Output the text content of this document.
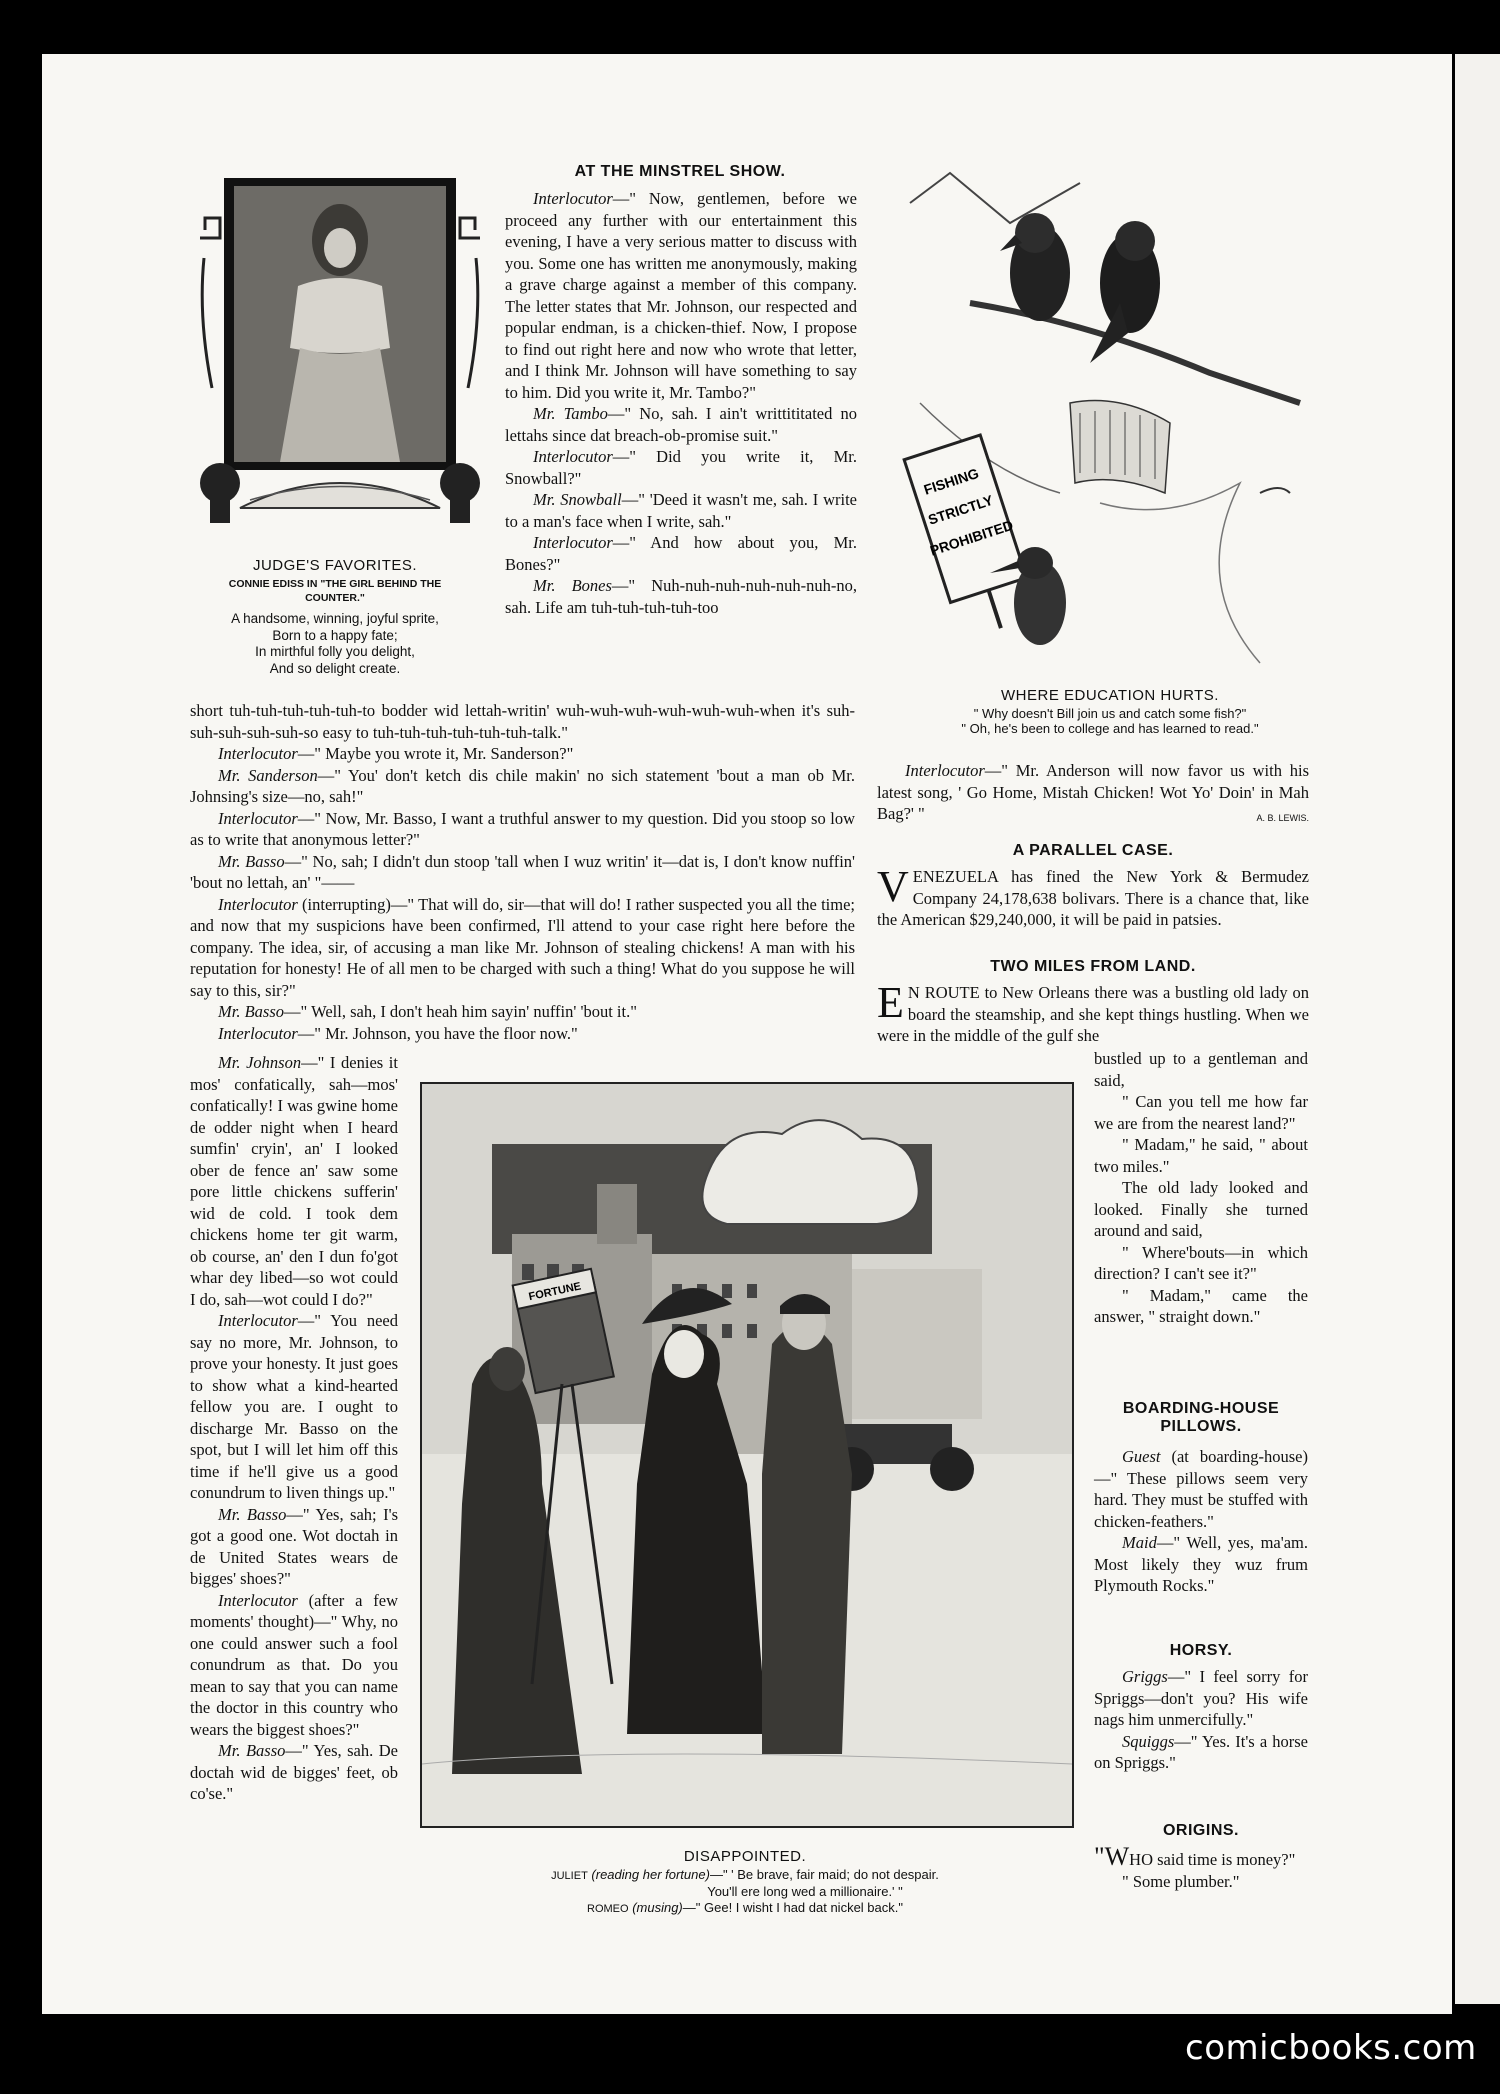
JUDGE'S FAVORITES.
CONNIE EDISS IN "THE GIRL BEHIND THE COUNTER."
A handsome, winning, joyful sprite,
Born to a happy fate;
In mirthful folly you delight,
And so delight create.
AT THE MINSTREL SHOW.

Interlocutor—" Now, gentlemen, before we proceed any further with our entertainment this evening, I have a very serious matter to discuss with you. Some one has written me anonymously, making a grave charge against a member of this company. The letter states that Mr. Johnson, our respected and popular endman, is a chicken-thief. Now, I propose to find out right here and now who wrote that letter, and I think Mr. Johnson will have something to say to him. Did you write it, Mr. Tambo?"

Mr. Tambo—" No, sah. I ain't writtititated no lettahs since dat breach-ob-promise suit."

Interlocutor—" Did you write it, Mr. Snowball?"

Mr. Snowball—" 'Deed it wasn't me, sah. I write to a man's face when I write, sah."

Interlocutor—" And how about you, Mr. Bones?"

Mr. Bones—" Nuh-nuh-nuh-nuh-nuh-nuh-no, sah. Life am tuh-tuh-tuh-tuh-too

short tuh-tuh-tuh-tuh-tuh-to bodder wid lettah-writin' wuh-wuh-wuh-wuh-wuh-wuh-when it's suh-suh-suh-suh-suh-so easy to tuh-tuh-tuh-tuh-tuh-tuh-talk."

Interlocutor—" Maybe you wrote it, Mr. Sanderson?"

Mr. Sanderson—" You' don't ketch dis chile makin' no sich statement 'bout a man ob Mr. Johnsing's size—no, sah!"

Interlocutor—" Now, Mr. Basso, I want a truthful answer to my question. Did you stoop so low as to write that anonymous letter?"

Mr. Basso—" No, sah; I didn't dun stoop 'tall when I wuz writin' it—dat is, I don't know nuffin' 'bout no lettah, an' "——

Interlocutor (interrupting)—" That will do, sir—that will do! I rather suspected you all the time; and now that my suspicions have been confirmed, I'll attend to your case right here before the company. The idea, sir, of accusing a man like Mr. Johnson of stealing chickens! A man with his reputation for honesty! He of all men to be charged with such a thing! What do you suppose he will say to this, sir?"

Mr. Basso—" Well, sah, I don't heah him sayin' nuffin' 'bout it."

Interlocutor—" Mr. Johnson, you have the floor now."

Mr. Johnson—" I denies it mos' confatically, sah—mos' confatically! I was gwine home de odder night when I heard sumfin' cryin', an' I looked ober de fence an' saw some pore little chickens sufferin' wid de cold. I took dem chickens home ter git warm, ob course, an' den I dun fo'got whar dey libed—so wot could I do, sah—wot could I do?"

Interlocutor—" You need say no more, Mr. Johnson, to prove your honesty. It just goes to show what a kind-hearted fellow you are. I ought to discharge Mr. Basso on the spot, but I will let him off this time if he'll give us a good conundrum to liven things up."

Mr. Basso—" Yes, sah; I's got a good one. Wot doctah in de United States wears de bigges' shoes?"

Interlocutor (after a few moments' thought)—" Why, no one could answer such a fool conundrum as that. Do you mean to say that you can name the doctor in this country who wears the biggest shoes?"

Mr. Basso—" Yes, sah. De doctah wid de bigges' feet, ob co'se."

FISHING STRICTLY PROHIBITED
WHERE EDUCATION HURTS.
" Why doesn't Bill join us and catch some fish?"
" Oh, he's been to college and has learned to read."

Interlocutor—" Mr. Anderson will now favor us with his latest song, ' Go Home, Mistah Chicken! Wot Yo' Doin' in Mah Bag?' "	A. B. LEWIS.

A PARALLEL CASE.
VENEZUELA has fined the New York & Bermudez Company 24,178,638 bolivars. There is a chance that, like the American $29,240,000, it will be paid in patsies.
TWO MILES FROM LAND.
E N ROUTE to New Orleans there was a bustling old lady on board the steamship, and she kept things hustling. When we were in the middle of the gulf she
bustled up to a gentleman and said,

" Can you tell me how far we are from the nearest land?"

" Madam," he said, " about two miles."

The old lady looked and looked. Finally she turned around and said,

" Where'bouts—in which direction? I can't see it?"

" Madam," came the answer, " straight down."

BOARDING-HOUSE
PILLOWS.

Guest (at boarding-house)—" These pillows seem very hard. They must be stuffed with chicken-feathers."

Maid—" Well, yes, ma'am. Most likely they wuz frum Plymouth Rocks."

HORSY.

Griggs—" I feel sorry for Spriggs—don't you? His wife nags him unmercifully."

Squiggs—" Yes. It's a horse on Spriggs."

ORIGINS.
"WHO said time is money?"

" Some plumber."

FORTUNE
DISAPPOINTED.
JULIET (reading her fortune)—" ' Be brave, fair maid; do not despair.
You'll ere long wed a millionaire.' "
ROMEO (musing)—" Gee! I wisht I had dat nickel back."
comicbooks.com
